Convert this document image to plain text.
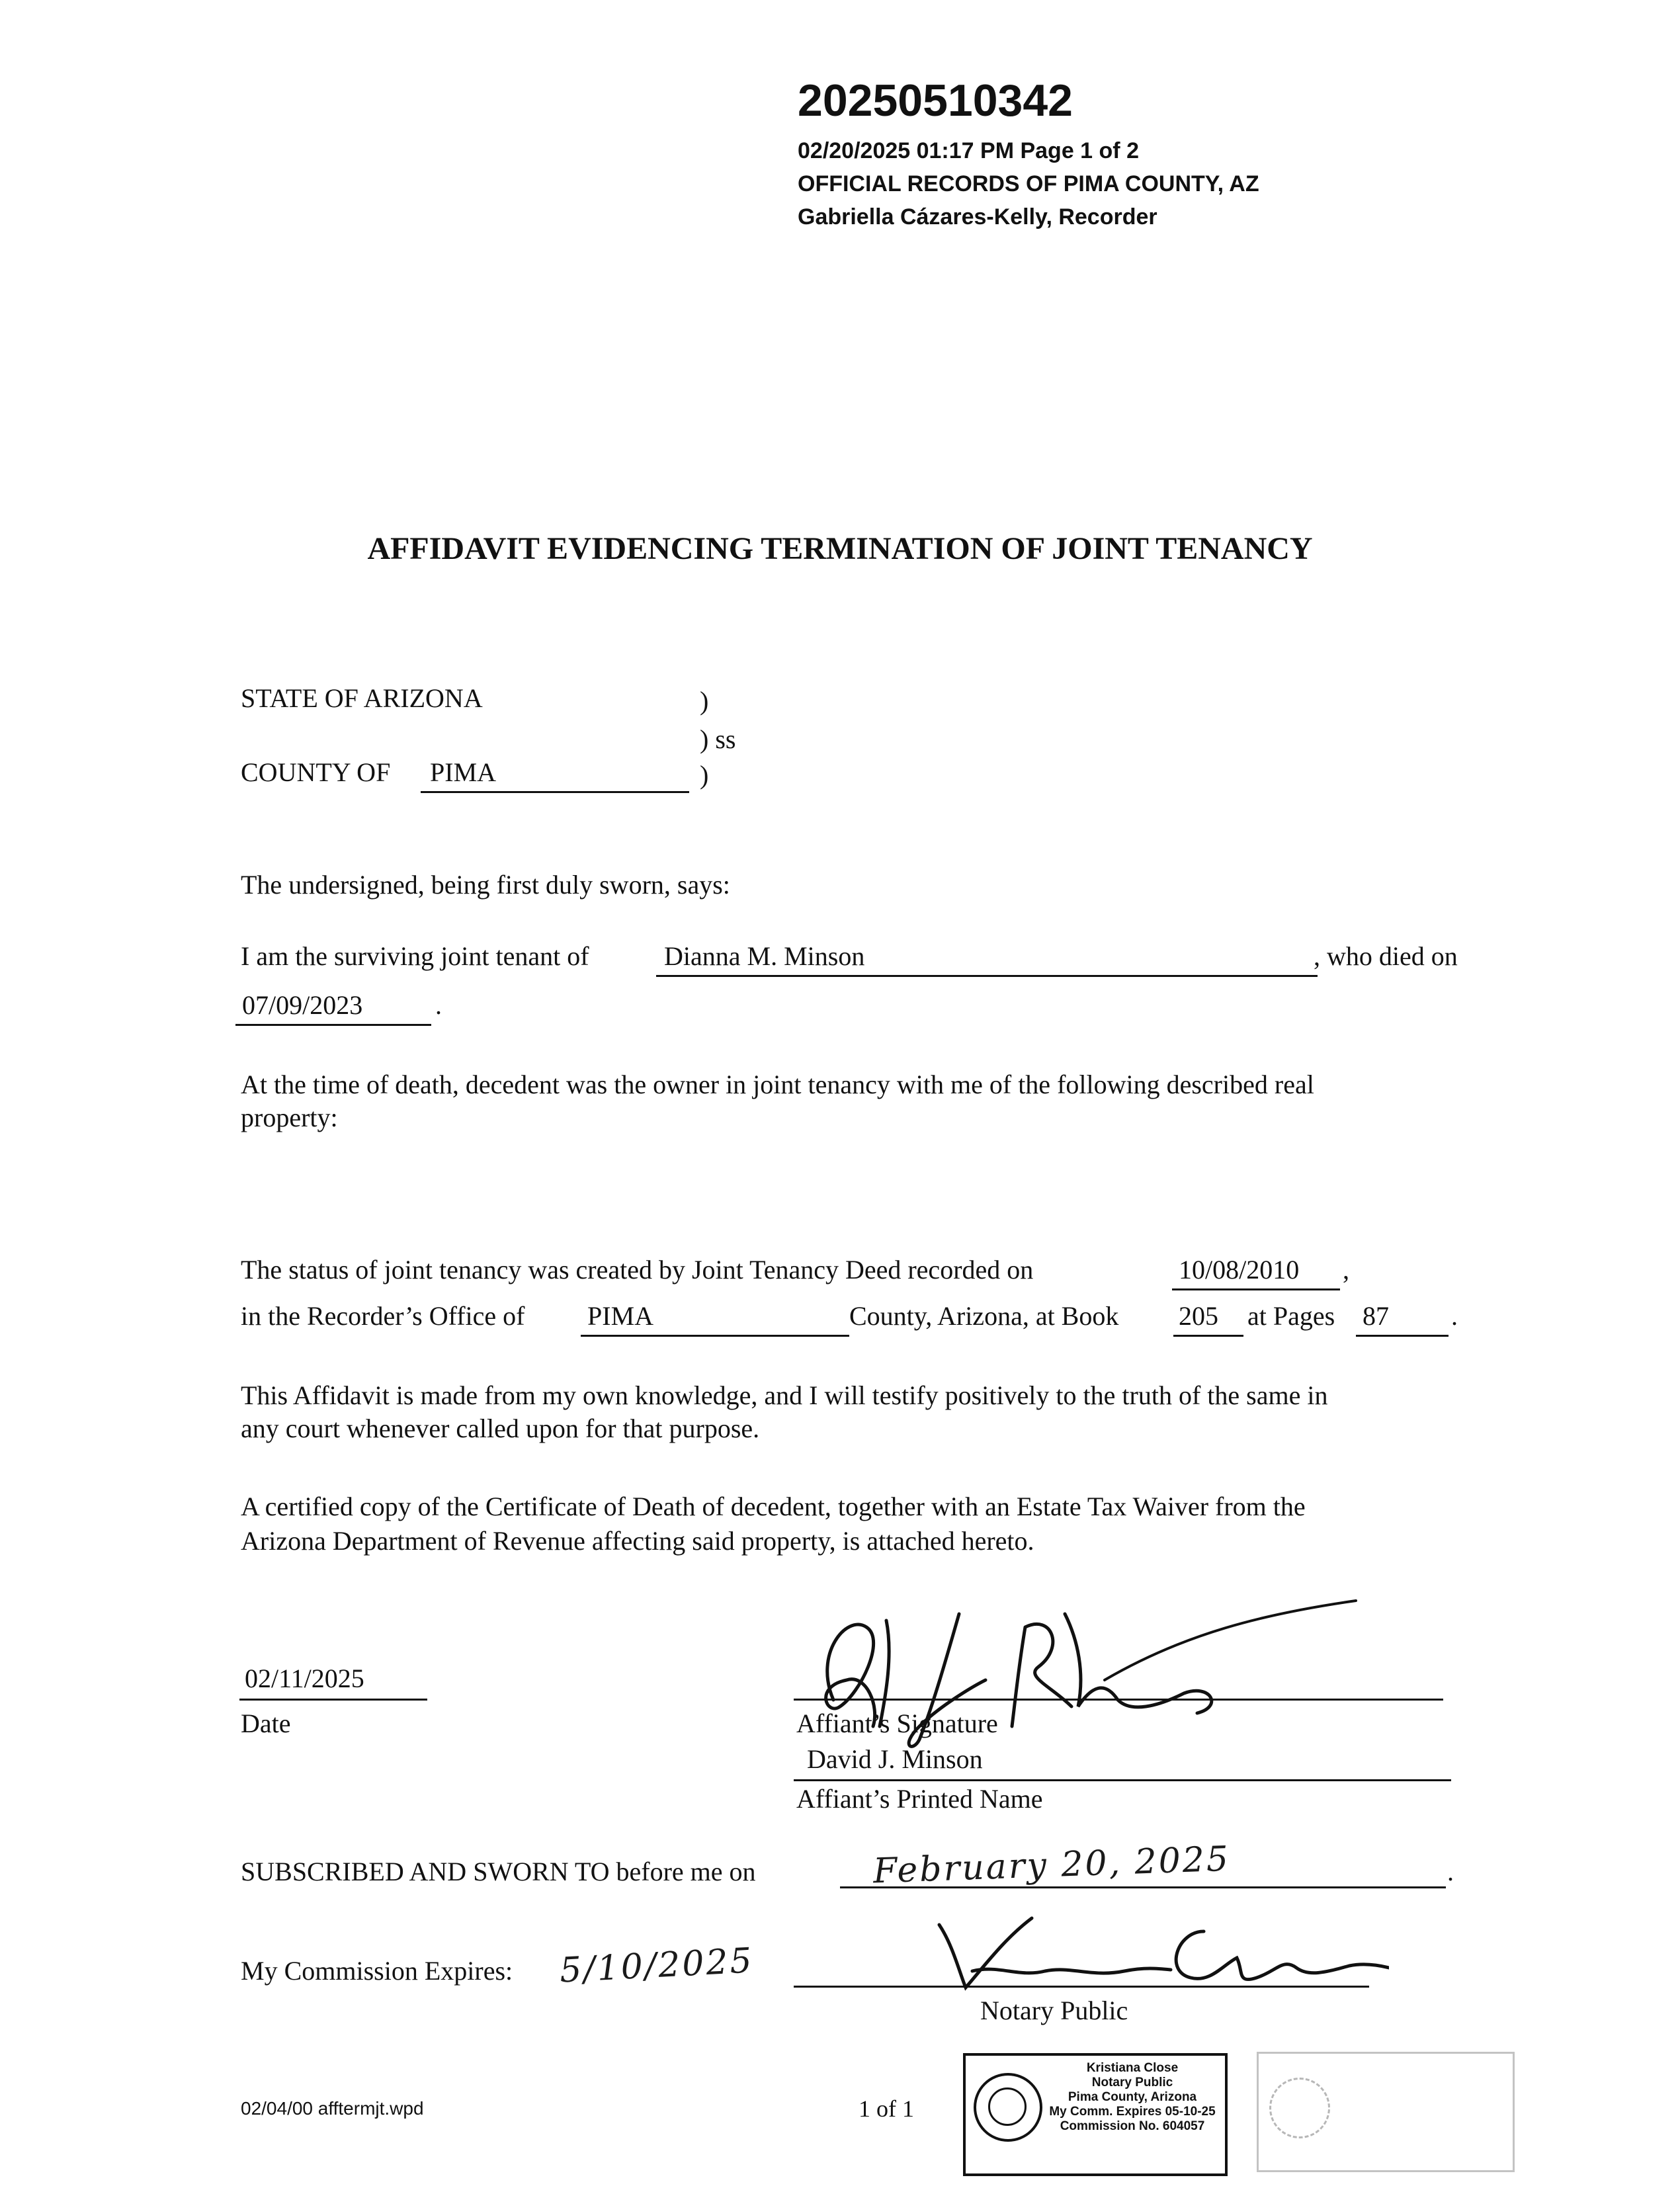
20250510342
02/20/2025 01:17 PM Page 1 of 2
OFFICIAL RECORDS OF PIMA COUNTY, AZ
Gabriella Cázares-Kelly, Recorder
AFFIDAVIT EVIDENCING TERMINATION OF JOINT TENANCY
STATE OF ARIZONA	)
) ss
COUNTY OF PIMA	)
The undersigned, being first duly sworn, says:
I am the surviving joint tenant of	Dianna M. Minson	, who died on
07/09/2023	.
At the time of death, decedent was the owner in joint tenancy with me of the following described real
property:
The status of joint tenancy was created by Joint Tenancy Deed recorded on	10/08/2010 ,
in the Recorder’s Office of PIMA	County, Arizona, at Book 205 at Pages 87 .
This Affidavit is made from my own knowledge, and I will testify positively to the truth of the same in
any court whenever called upon for that purpose.
A certified copy of the Certificate of Death of decedent, together with an Estate Tax Waiver from the
Arizona Department of Revenue affecting said property, is attached hereto.
02/11/2025
Date	Affiant’s Signature
David J. Minson
Affiant’s Printed Name
SUBSCRIBED AND SWORN TO before me on	February 20, 2025	.
My Commission Expires: 5/10/2025
Notary Public
Kristiana Close
Notary Public
Pima County, Arizona
My Comm. Expires 05-10-25
Commission No. 604057
02/04/00 afftermjt.wpd	1 of 1
